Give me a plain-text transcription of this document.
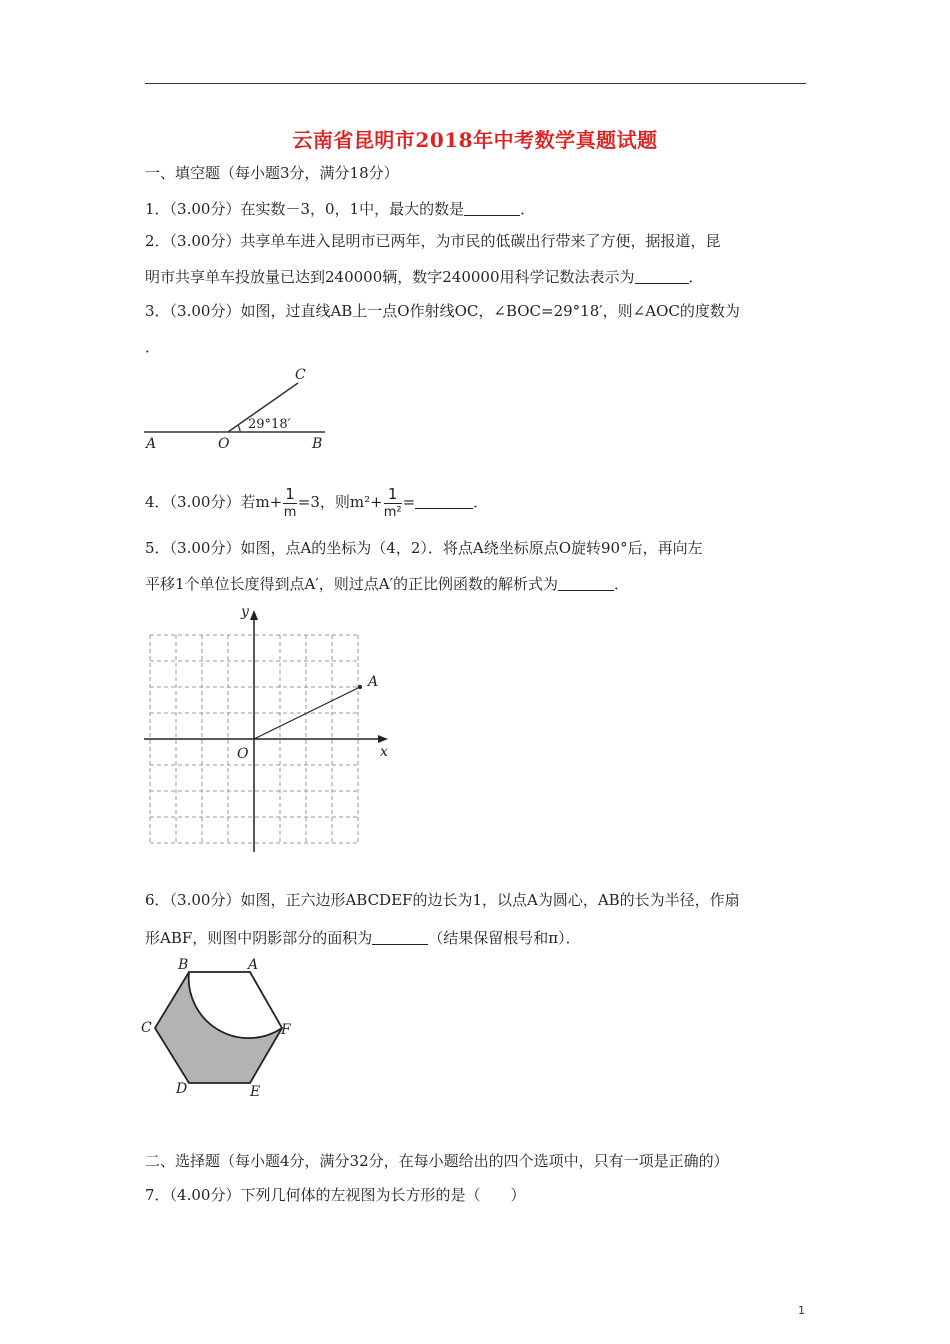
云南省昆明市2018年中考数学真题试题
一、填空题（每小题3分，满分18分）
1．（3.00分）在实数－3，0，1中，最大的数是	．
2．（3.00分）共享单车进入昆明市已两年，为市民的低碳出行带来了方便，据报道，昆
明市共享单车投放量已达到240000辆，数字240000用科学记数法表示为	．
3．（3.00分）如图，过直线AB上一点O作射线OC，∠BOC=29°18′，则∠AOC的度数为
．
A	O	B
C
29°18′
4．（3.00分）若$m+ \frac{1}{m} =3$，则$m^2+ \frac{1}{\text{m²}}$ =	．
5．（3.00分）如图，点A的坐标为（4，2）．将点A绕坐标原点O旋转90°后，再向左
平移1个单位长度得到点A′，则过点A′的正比例函数的解析式为	．
y
x
O
A
6．（3.00分）如图，正六边形ABCDEF的边长为1，以点A为圆心，AB的长为半径，作扇
形ABF，则图中阴影部分的面积为	（结果保留根号和π）．
A
B
C
D	E
F
二、选择题（每小题4分，满分32分，在每小题给出的四个选项中，只有一项是正确的）
7．（4.00分）下列几何体的左视图为长方形的是（　　）
1
